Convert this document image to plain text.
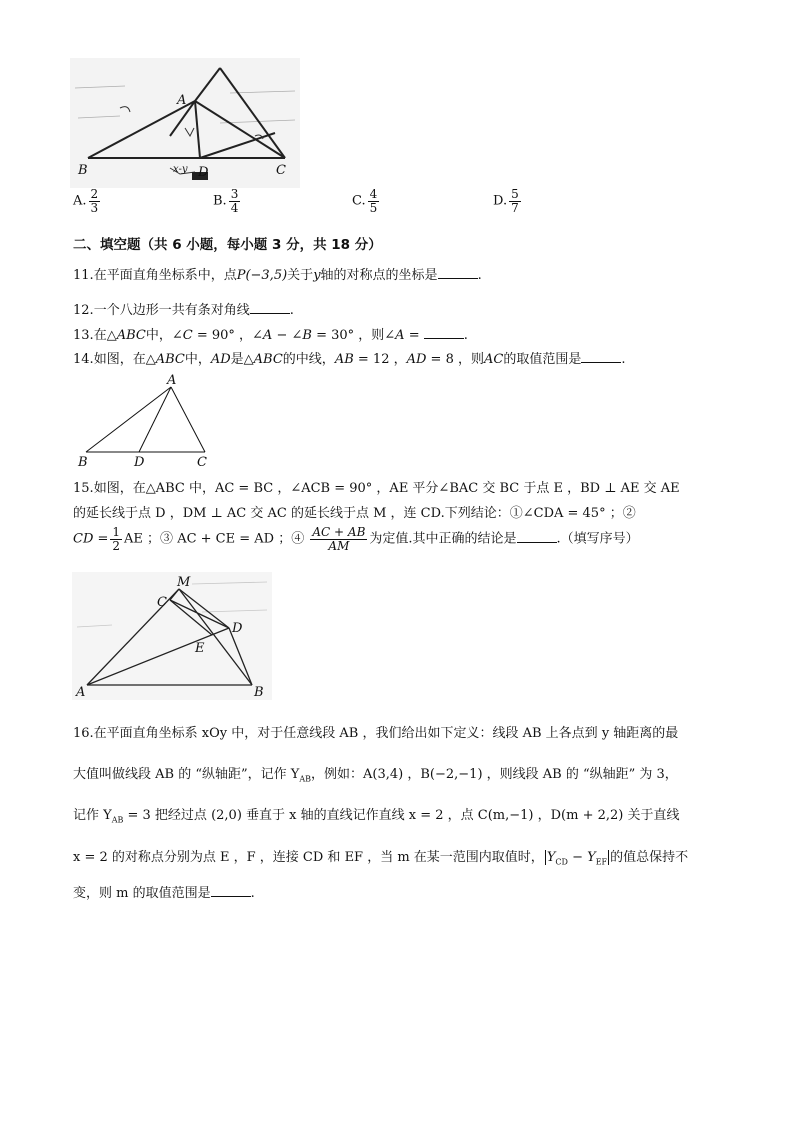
B
A
D	C
x-y
A. $\frac{2}{3}$	B. $\frac{3}{4}$	C. $\frac{4}{5}$	D. $\frac{5}{7}$
二、填空题（共 6 小题，每小题 3 分，共 18 分）
11.在平面直角坐标系中，点P(−3,5)关于y轴的对称点的坐标是	.
12.一个八边形一共有条对角线	.
13.在△ABC中，∠C = 90° ，∠A − ∠B = 30° ，则∠A =	.
14.如图，在△ABC中，AD是△ABC的中线，AB = 12 ，AD = 8 ，则AC的取值范围是	.
A
B	D	C
15.如图，在△ABC 中，AC = BC ，∠ACB = 90° ，AE 平分∠BAC 交 BC 于点 E ，BD ⊥ AE 交 AE
的延长线于点 D ，DM ⊥ AC 交 AC 的延长线于点 M ，连 CD.下列结论：①∠CDA = 45° ；②
CD = $\frac{1}{2}$ AE ；③ AC + CE = AD ；④ $\frac{AC + AB}{AM}$ 为定值.其中正确的结论是	.（填写序号）
M
C
D
E
A	B
16.在平面直角坐标系 xOy 中，对于任意线段 AB ，我们给出如下定义：线段 AB 上各点到 y 轴距离的最
大值叫做线段 AB 的 “纵轴距”，记作 $Y_{AB}$，例如：A(3,4) ，B(−2,−1) ，则线段 AB 的 “纵轴距” 为 3，
记作 $Y_{AB} = 3$ 把经过点 (2,0) 垂直于 x 轴的直线记作直线 x = 2 ，点 C(m,−1) ，D(m + 2,2) 关于直线
x = 2 的对称点分别为点 E ，F ，连接 CD 和 EF ，当 m 在某一范围内取值时， $Y_{CD} - Y_{EF}$ 的值总保持不
变，则 m 的取值范围是	.
